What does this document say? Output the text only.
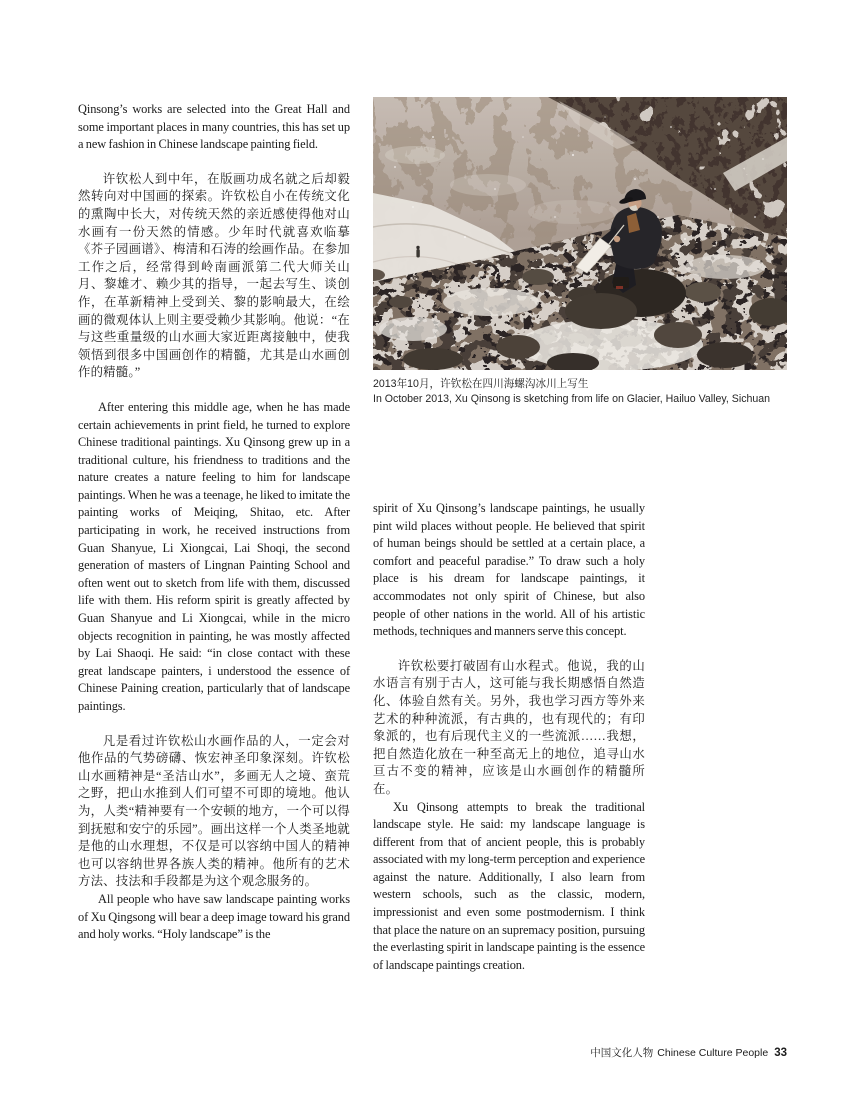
Qinsong’s works are selected into the Great Hall and some important places in many countries, this has set up a new fashion in Chinese landscape painting field.

许钦松人到中年，在版画功成名就之后却毅然转向对中国画的探索。许钦松自小在传统文化的熏陶中长大，对传统天然的亲近感使得他对山水画有一份天然的情感。少年时代就喜欢临摹《芥子园画谱》、梅清和石涛的绘画作品。在参加工作之后，经常得到岭南画派第二代大师关山月、黎雄才、赖少其的指导，一起去写生、谈创作，在革新精神上受到关、黎的影响最大，在绘画的微观体认上则主要受赖少其影响。他说：“在与这些重量级的山水画大家近距离接触中，使我领悟到很多中国画创作的精髓，尤其是山水画创作的精髓。”

After entering this middle age, when he has made certain achievements in print field, he turned to explore Chinese traditional paintings. Xu Qinsong grew up in a traditional culture, his friendness to traditions and the nature creates a nature feeling to him for landscape paintings. When he was a teenage, he liked to imitate the painting works of Meiqing, Shitao, etc. After participating in work, he received instructions from Guan Shanyue, Li Xiongcai, Lai Shoqi, the second generation of masters of Lingnan Painting School and often went out to sketch from life with them, discussed life with them. His reform spirit is greatly affected by Guan Shanyue and Li Xiongcai, while in the micro objects recognition in painting, he was mostly affected by Lai Shaoqi. He said: “in close contact with these great landscape painters, i understood the essence of Chinese Paining creation, particularly that of landscape paintings.

凡是看过许钦松山水画作品的人，一定会对他作品的气势磅礴、恢宏神圣印象深刻。许钦松山水画精神是“圣洁山水”，多画无人之境、蛮荒之野，把山水推到人们可望不可即的境地。他认为，人类“精神要有一个安顿的地方，一个可以得到抚慰和安宁的乐园”。画出这样一个人类圣地就是他的山水理想，不仅是可以容纳中国人的精神也可以容纳世界各族人类的精神。他所有的艺术方法、技法和手段都是为这个观念服务的。

All people who have saw landscape painting works of Xu Qingsong will bear a deep image toward his grand and holy works. “Holy landscape” is the

2013年10月，许钦松在四川海螺沟冰川上写生
In October 2013, Xu Qinsong is sketching from life on Glacier, Hailuo Valley, Sichuan

spirit of Xu Qinsong’s landscape paintings, he usually pint wild places without people. He believed that spirit of human beings should be settled at a certain place, a comfort and peaceful paradise.” To draw such a holy place is his dream for landscape paintings, it accommodates not only spirit of Chinese, but also people of other nations in the world. All of his artistic methods, techniques and manners serve this concept.

许钦松要打破固有山水程式。他说，我的山水语言有别于古人，这可能与我长期感悟自然造化、体验自然有关。另外，我也学习西方等外来艺术的种种流派，有古典的，也有现代的；有印象派的，也有后现代主义的一些流派……我想，把自然造化放在一种至高无上的地位，追寻山水亘古不变的精神，应该是山水画创作的精髓所在。

Xu Qinsong attempts to break the traditional landscape style. He said: my landscape language is different from that of ancient people, this is probably associated with my long-term perception and experience against the nature. Additionally, I also learn from western schools, such as the classic, modern, impressionist and even some postmodernism. I think that place the nature on an supremacy position, pursuing the everlasting spirit in landscape painting is the essence of landscape paintings creation.

中国文化人物 Chinese Culture People 33
